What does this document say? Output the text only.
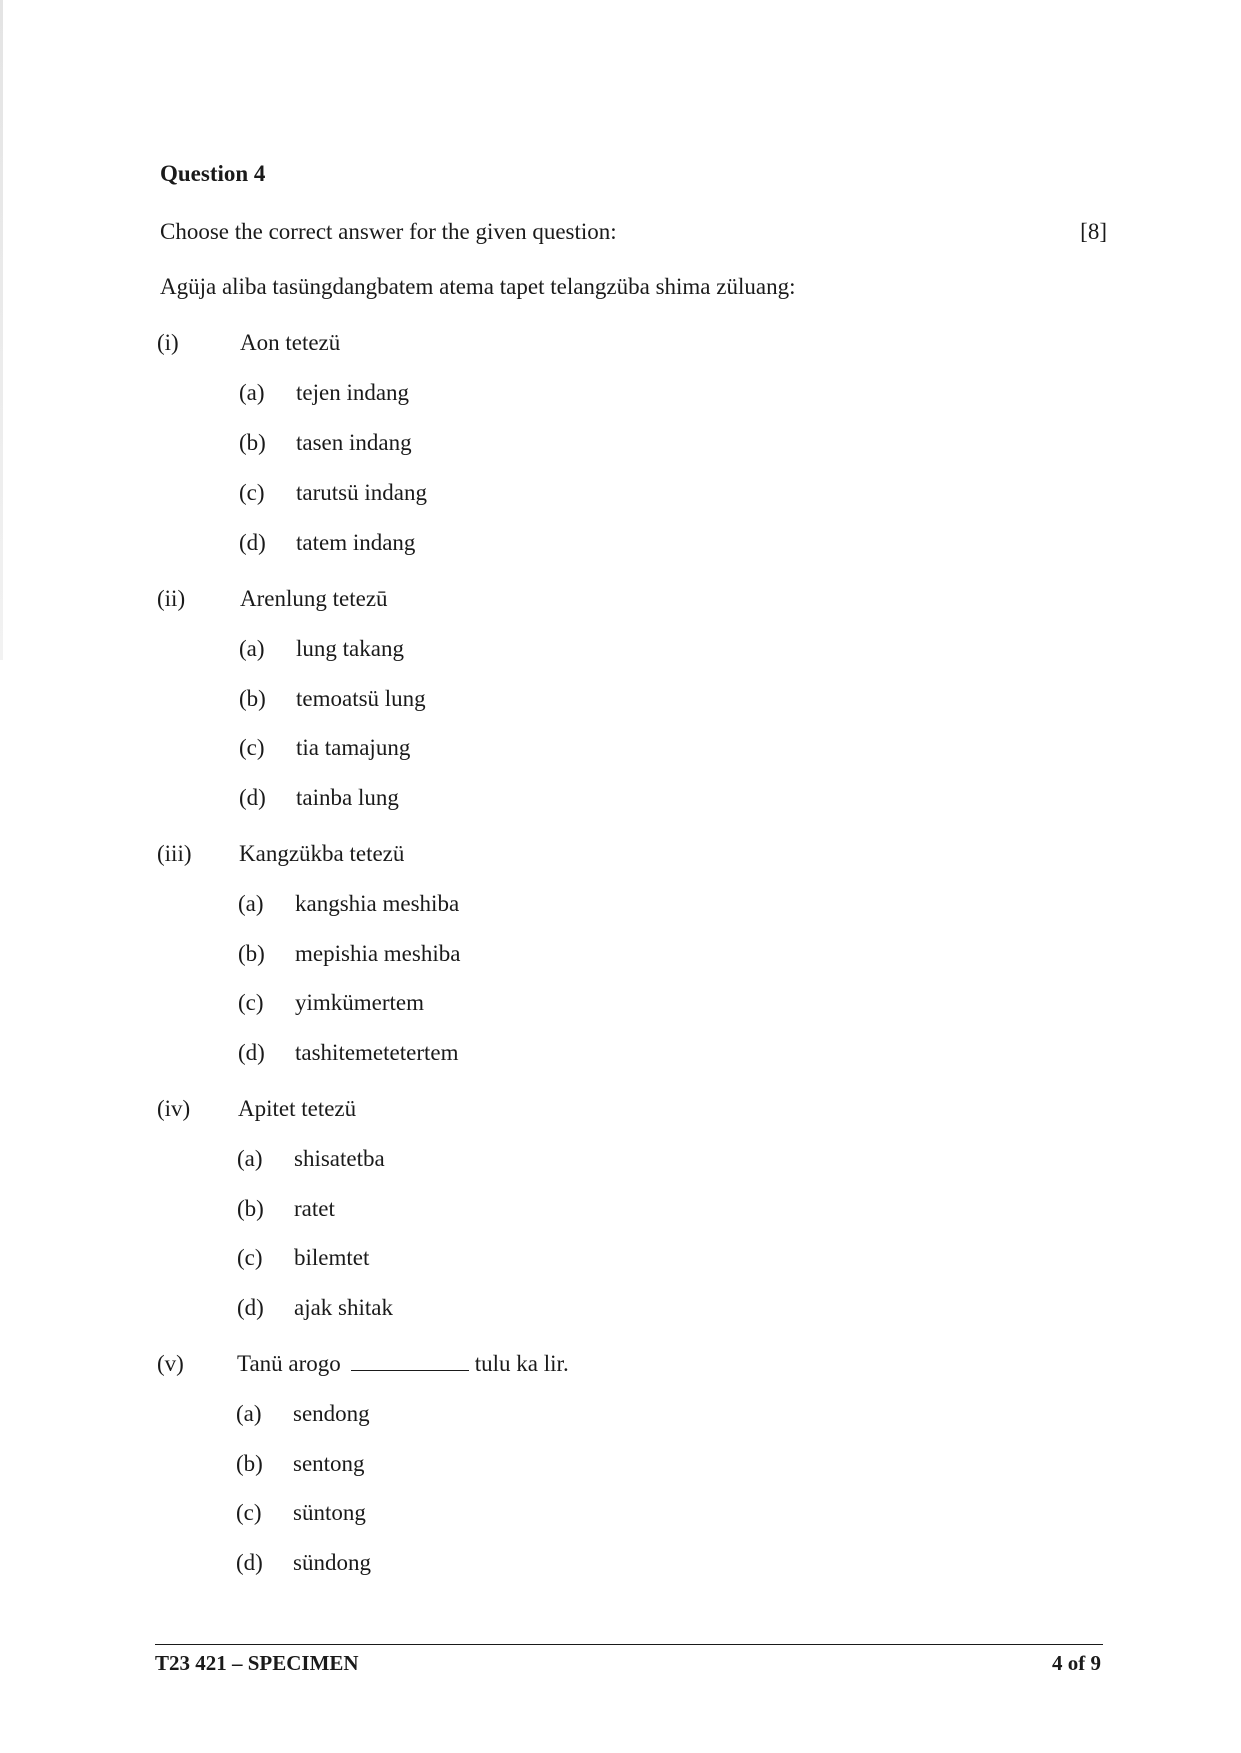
Question 4
Choose the correct answer for the given question:	[8]
Agüja aliba tasüngdangbatem atema tapet telangzüba shima züluang:
(i)	Aon tetezü
(a) tejen indang
(b) tasen indang
(c) tarutsü indang
(d) tatem indang
(ii) Arenlung tetezū
(a) lung takang
(b) temoatsü lung
(c) tia tamajung
(d) tainba lung
(iii) Kangzükba tetezü
(a) kangshia meshiba
(b) mepishia meshiba
(c) yimkümertem
(d) tashitemetetertem
(iv) Apitet tetezü
(a) shisatetba
(b) ratet
(c) bilemtet
(d) ajak shitak
(v) Tanü arogo	tulu ka lir.
(a) sendong
(b) sentong
(c) süntong
(d) sündong
T23 421 – SPECIMEN	4 of 9
